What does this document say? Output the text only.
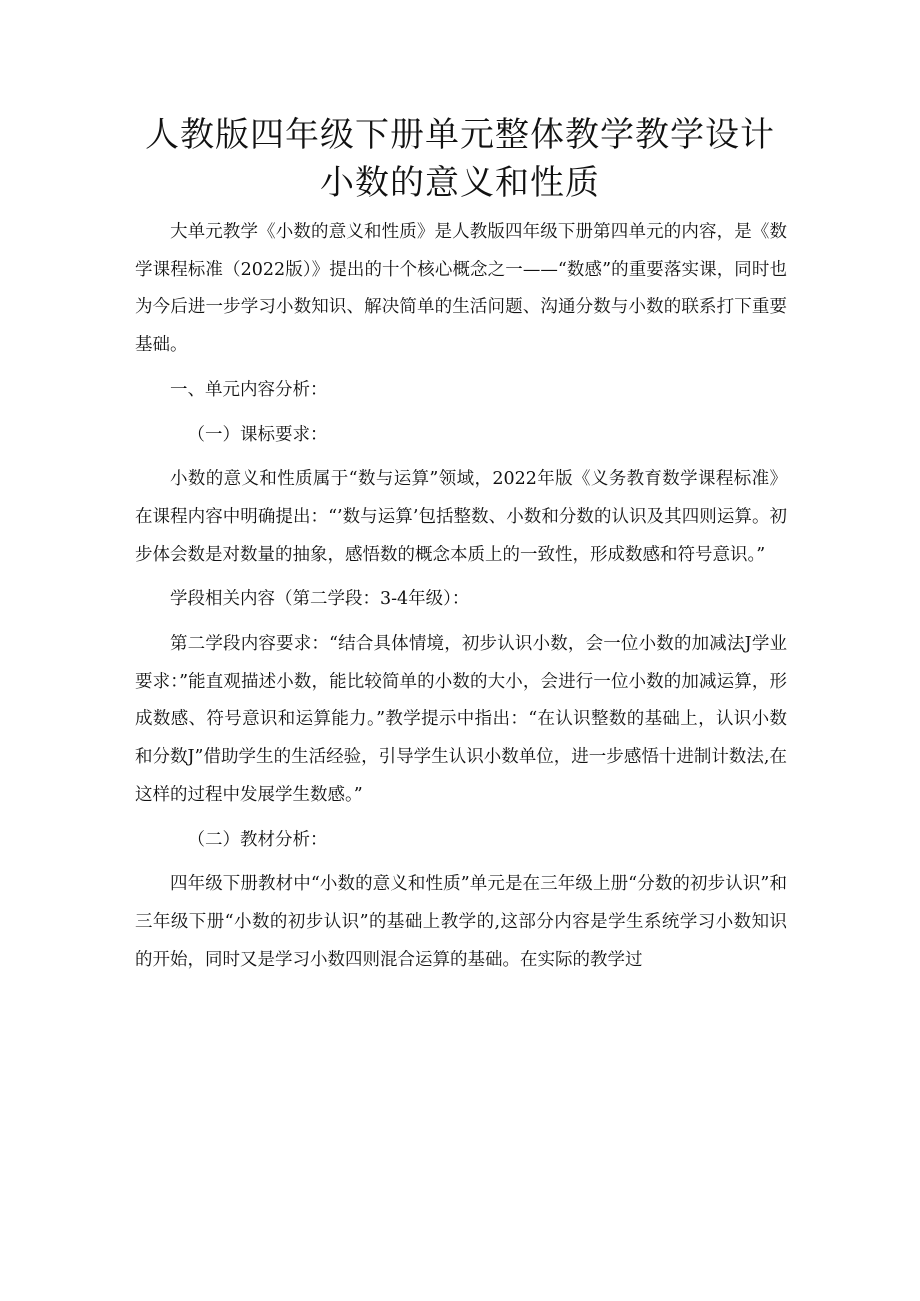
人教版四年级下册单元整体教学教学设计
小数的意义和性质

大单元教学《小数的意义和性质》是人教版四年级下册第四单元的内容，是《数学课程标准（2022版）》提出的十个核心概念之一——“数感”的重要落实课，同时也为今后进一步学习小数知识、解决简单的生活问题、沟通分数与小数的联系打下重要基础。

一、单元内容分析：

（一）课标要求：

小数的意义和性质属于“数与运算”领域，2022年版《义务教育数学课程标准》在课程内容中明确提出：“’数与运算’包括整数、小数和分数的认识及其四则运算。初步体会数是对数量的抽象，感悟数的概念本质上的一致性，形成数感和符号意识。”

学段相关内容（第二学段：3-4年级）：

第二学段内容要求：“结合具体情境，初步认识小数，会一位小数的加减法J学业要求：”能直观描述小数，能比较简单的小数的大小，会进行一位小数的加减运算，形成数感、符号意识和运算能力。”教学提示中指出：“在认识整数的基础上，认识小数和分数J”借助学生的生活经验，引导学生认识小数单位，进一步感悟十进制计数法,在这样的过程中发展学生数感。”

（二）教材分析：

四年级下册教材中“小数的意义和性质”单元是在三年级上册“分数的初步认识”和三年级下册“小数的初步认识”的基础上教学的,这部分内容是学生系统学习小数知识的开始，同时又是学习小数四则混合运算的基础。在实际的教学过
